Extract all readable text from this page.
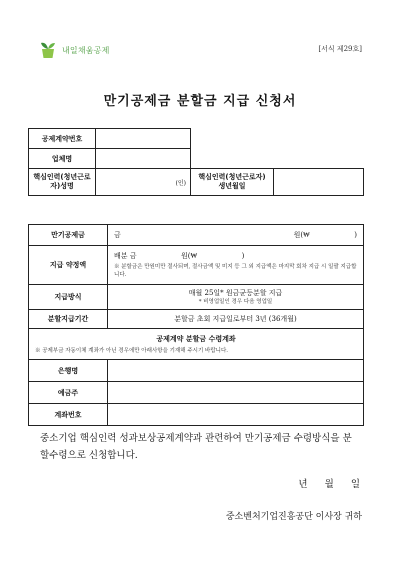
내일채움공제	[서식 제29호]
만기공제금 분할금 지급 신청서
공제계약번호			
업체명			
핵심인력(청년근로자)성명	(인)	핵심인력(청년근로자) 생년월일	
만기공제금	금 원(₩                    )

지급 약정액	배분 금                    원(₩                    )
※ 분할금은 만원미만 절사되며, 절사금액 및 미지 등 그 외 지급액은 마지막 회차 지급 시 일괄 지급합니다.

지급방식	매월 25일* 원금균등분할 지급
* 비영업일인 경우 다음 영업일

분할지급기간	분할금 초회 지급일로부터 3년 (36개월)

공제계약 분할금 수령계좌
※ 공제부금 자동이체 계좌가 아닌 경우에만 아래사항을 기재해 주시기 바랍니다.	

은행명	
예금주	
계좌번호	
중소기업 핵심인력 성과보상공제계약과 관련하여 만기공제금 수령방식을 분할수령으로 신청합니다.
년 월 일
중소벤처기업진흥공단 이사장 귀하
